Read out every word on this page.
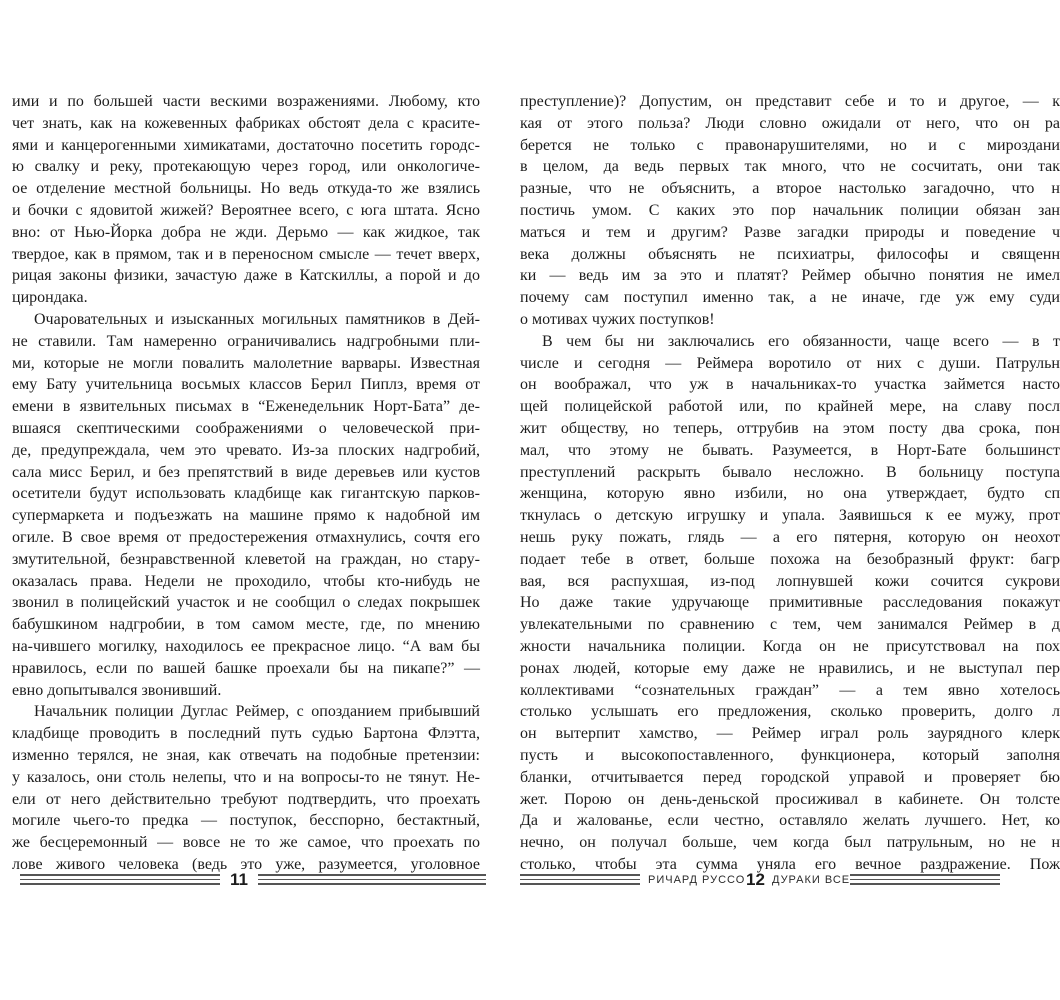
ими и по большей части вескими возражениями. Любому, кто
чет знать, как на кожевенных фабриках обстоят дела с красите-
ями и канцерогенными химикатами, достаточно посетить городс-
ю свалку и реку, протекающую через город, или онкологиче-
ое отделение местной больницы. Но ведь откуда-то же взялись
и бочки с ядовитой жижей? Вероятнее всего, с юга штата. Ясно
вно: от Нью-Йорка добра не жди. Дерьмо — как жидкое, так
твердое, как в прямом, так и в переносном смысле — течет вверх,
рицая законы физики, зачастую даже в Катскиллы, а порой и до
цирондака.
Очаровательных и изысканных могильных памятников в Дей-
не ставили. Там намеренно ограничивались надгробными пли-
ми, которые не могли повалить малолетние варвары. Известная
ему Бату учительница восьмых классов Берил Пиплз, время от
емени в язвительных письмах в “Еженедельник Норт-Бата” де-
вшаяся скептическими соображениями о человеческой при-
де, предупреждала, чем это чревато. Из-за плоских надгробий,
сала мисс Берил, и без препятствий в виде деревьев или кустов
осетители будут использовать кладбище как гигантскую парков-
супермаркета и подъезжать на машине прямо к надобной им
огиле. В свое время от предостережения отмахнулись, сочтя его
змутительной, безнравственной клеветой на граждан, но стару-
оказалась права. Недели не проходило, чтобы кто-нибудь не
звонил в полицейский участок и не сообщил о следах покрышек
бабушкином надгробии, в том самом месте, где, по мнению
на-чившего могилку, находилось ее прекрасное лицо. “А вам бы
нравилось, если по вашей башке проехали бы на пикапе?” —
евно допытывался звонивший.
Начальник полиции Дуглас Реймер, с опозданием прибывший
кладбище проводить в последний путь судью Бартона Флэтта,
изменно терялся, не зная, как отвечать на подобные претензии:
у казалось, они столь нелепы, что и на вопросы-то не тянут. Не-
ели от него действительно требуют подтвердить, что проехать
могиле чьего-то предка — поступок, бесспорно, бестактный,
же бесцеремонный — вовсе не то же самое, что проехать по
лове живого человека (ведь это уже, разумеется, уголовное
11
преступление)? Допустим, он представит себе и то и другое, — к
кая от этого польза? Люди словно ожидали от него, что он ра
берется не только с правонарушителями, но и с мироздани
в целом, да ведь первых так много, что не сосчитать, они так
разные, что не объяснить, а второе настолько загадочно, что н
постичь умом. С каких это пор начальник полиции обязан зан
маться и тем и другим? Разве загадки природы и поведение ч
века должны объяснять не психиатры, философы и священн
ки — ведь им за это и платят? Реймер обычно понятия не имел
почему сам поступил именно так, а не иначе, где уж ему суди
о мотивах чужих поступков!
В чем бы ни заключались его обязанности, чаще всего — в т
числе и сегодня — Реймера воротило от них с души. Патрульн
он воображал, что уж в начальниках-то участка займется насто
щей полицейской работой или, по крайней мере, на славу посл
жит обществу, но теперь, оттрубив на этом посту два срока, пон
мал, что этому не бывать. Разумеется, в Норт-Бате большинст
преступлений раскрыть бывало несложно. В больницу поступа
женщина, которую явно избили, но она утверждает, будто сп
ткнулась о детскую игрушку и упала. Заявишься к ее мужу, прот
нешь руку пожать, глядь — а его пятерня, которую он неохот
подает тебе в ответ, больше похожа на безобразный фрукт: багр
вая, вся распухшая, из-под лопнувшей кожи сочится сукрови
Но даже такие удручающе примитивные расследования покажут
увлекательными по сравнению с тем, чем занимался Реймер в д
жности начальника полиции. Когда он не присутствовал на пох
ронах людей, которые ему даже не нравились, и не выступал пер
коллективами “сознательных граждан” — а тем явно хотелось
столько услышать его предложения, сколько проверить, долго л
он вытерпит хамство, — Реймер играл роль заурядного клерк
пусть и высокопоставленного, функционера, который заполня
бланки, отчитывается перед городской управой и проверяет бю
жет. Порою он день-деньской просиживал в кабинете. Он толсте
Да и жалованье, если честно, оставляло желать лучшего. Нет, ко
нечно, он получал больше, чем когда был патрульным, но не н
столько, чтобы эта сумма уняла его вечное раздражение. Пож
РИЧАРД РУССО 12 ДУРАКИ ВСЕ
